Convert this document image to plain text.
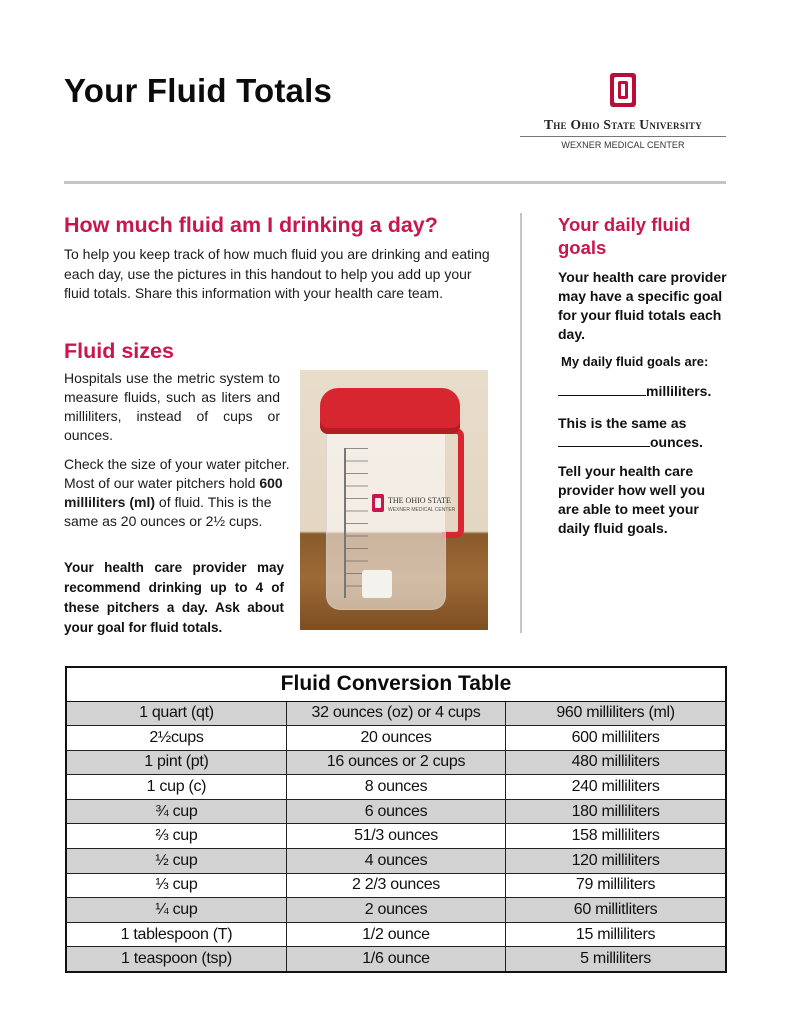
Your Fluid Totals
The Ohio State University
WEXNER MEDICAL CENTER
How much fluid am I drinking a day?

To help you keep track of how much fluid you are drinking and eating each day, use the pictures in this handout to help you add up your fluid totals. Share this information with your health care team.

Fluid sizes

Hospitals use the metric system to measure fluids, such as liters and milliliters, instead of cups or ounces.

Check the size of your water pitcher. Most of our water pitchers hold 600 milliliters (ml) of fluid. This is the same as 20 ounces or 2½ cups.

Your health care provider may recommend drinking up to 4 of these pitchers a day. Ask about your goal for fluid totals.

THE OHIO STATE
WEXNER MEDICAL CENTER
Your daily fluid goals

Your health care provider may have a specific goal for your fluid totals each day.

My daily fluid goals are:

milliliters.

This is the same as
ounces.

Tell your health care provider how well you are able to meet your daily fluid goals.

Fluid Conversion Table		
1 quart (qt)	32 ounces (oz) or 4 cups	960 milliliters (ml)
2½cups	20 ounces	600 milliliters
1 pint (pt)	16 ounces or 2 cups	480 milliliters
1 cup (c)	8 ounces	240 milliliters
¾ cup	6 ounces	180 milliliters
⅔ cup	51/3 ounces	158 milliliters
½ cup	4 ounces	120 milliliters
⅓ cup	2 2/3 ounces	79 milliliters
¼ cup	2 ounces	60 millitliters
1 tablespoon (T)	1/2 ounce	15 milliliters
1 teaspoon (tsp)	1/6 ounce	5 milliliters
